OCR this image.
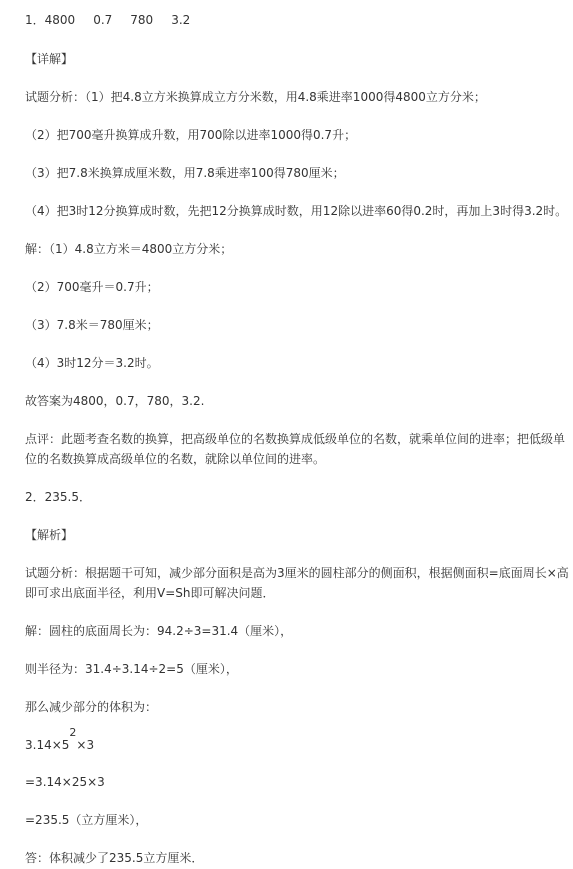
1．4800 0.7 780 3.2
【详解】
试题分析：（1）把4.8立方米换算成立方分米数，用4.8乘进率1000得4800立方分米；
（2）把700毫升换算成升数，用700除以进率1000得0.7升；
（3）把7.8米换算成厘米数，用7.8乘进率100得780厘米；
（4）把3时12分换算成时数，先把12分换算成时数，用12除以进率60得0.2时，再加上3时得3.2时。
解：（1）4.8立方米＝4800立方分米；
（2）700毫升＝0.7升；
（3）7.8米＝780厘米；
（4）3时12分＝3.2时。
故答案为4800，0.7，780，3.2.
点评：此题考查名数的换算，把高级单位的名数换算成低级单位的名数，就乘单位间的进率；把低级单
位的名数换算成高级单位的名数，就除以单位间的进率。
2．235.5．
【解析】
试题分析：根据题干可知，减少部分面积是高为3厘米的圆柱部分的侧面积，根据侧面积=底面周长×高
即可求出底面半径，利用V=Sh即可解决问题．
解：圆柱的底面周长为：94.2÷3=31.4（厘米），
则半径为：31.4÷3.14÷2=5（厘米），
那么减少部分的体积为：
3.14×52×3
=3.14×25×3
=235.5（立方厘米），
答：体积减少了235.5立方厘米．
